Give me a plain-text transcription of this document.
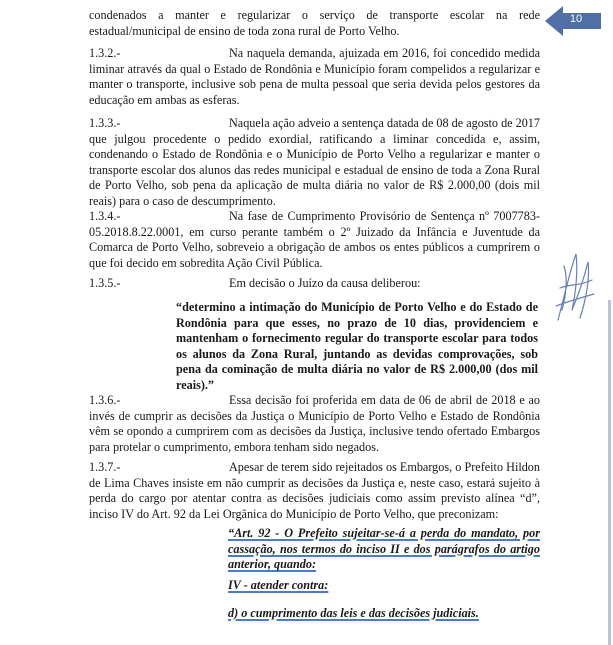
10
condenados a manter e regularizar o serviço de transporte escolar na rede estadual/municipal de ensino de toda zona rural de Porto Velho.
1.3.2.-	Na naquela demanda, ajuizada em 2016, foi concedido medida liminar através da qual o Estado de Rondônia e Município foram compelidos a regularizar e manter o transporte, inclusive sob pena de multa pessoal que seria devida pelos gestores da educação em ambas as esferas.
1.3.3.-	Naquela ação adveio a sentença datada de 08 de agosto de 2017 que julgou procedente o pedido exordial, ratificando a liminar concedida e, assim, condenando o Estado de Rondônia e o Município de Porto Velho a regularizar e manter o transporte escolar dos alunos das redes municipal e estadual de ensino de toda a Zona Rural de Porto Velho, sob pena da aplicação de multa diária no valor de R$ 2.000,00 (dois mil reais) para o caso de descumprimento.
1.3.4.-	Na fase de Cumprimento Provisório de Sentença nº 7007783-05.2018.8.22.0001, em curso perante também o 2º Juizado da Infância e Juventude da Comarca de Porto Velho, sobreveio a obrigação de ambos os entes públicos a cumprirem o que foi decido em sobredita Ação Civil Pública.
1.3.5.-	Em decisão o Juízo da causa deliberou:
“determino a intimação do Município de Porto Velho e do Estado de Rondônia para que esses, no prazo de 10 dias, providenciem e mantenham o fornecimento regular do transporte escolar para todos os alunos da Zona Rural, juntando as devidas comprovações, sob pena da cominação de multa diária no valor de R$ 2.000,00 (dos mil reais).”
1.3.6.-	Essa decisão foi proferida em data de 06 de abril de 2018 e ao invés de cumprir as decisões da Justiça o Município de Porto Velho e Estado de Rondônia vêm se opondo a cumprirem com as decisões da Justiça, inclusive tendo ofertado Embargos para protelar o cumprimento, embora tenham sido negados.
1.3.7.-	Apesar de terem sido rejeitados os Embargos, o Prefeito Hildon de Lima Chaves insiste em não cumprir as decisões da Justiça e, neste caso, estará sujeito à perda do cargo por atentar contra as decisões judiciais como assim previsto alínea “d”, inciso IV do Art. 92 da Lei Orgânica do Município de Porto Velho, que preconizam:
“Art. 92 - O Prefeito sujeitar-se-á a perda do mandato, por cassação, nos termos do inciso II e dos parágrafos do artigo anterior, quando:
IV - atender contra:
d) o cumprimento das leis e das decisões judiciais.
